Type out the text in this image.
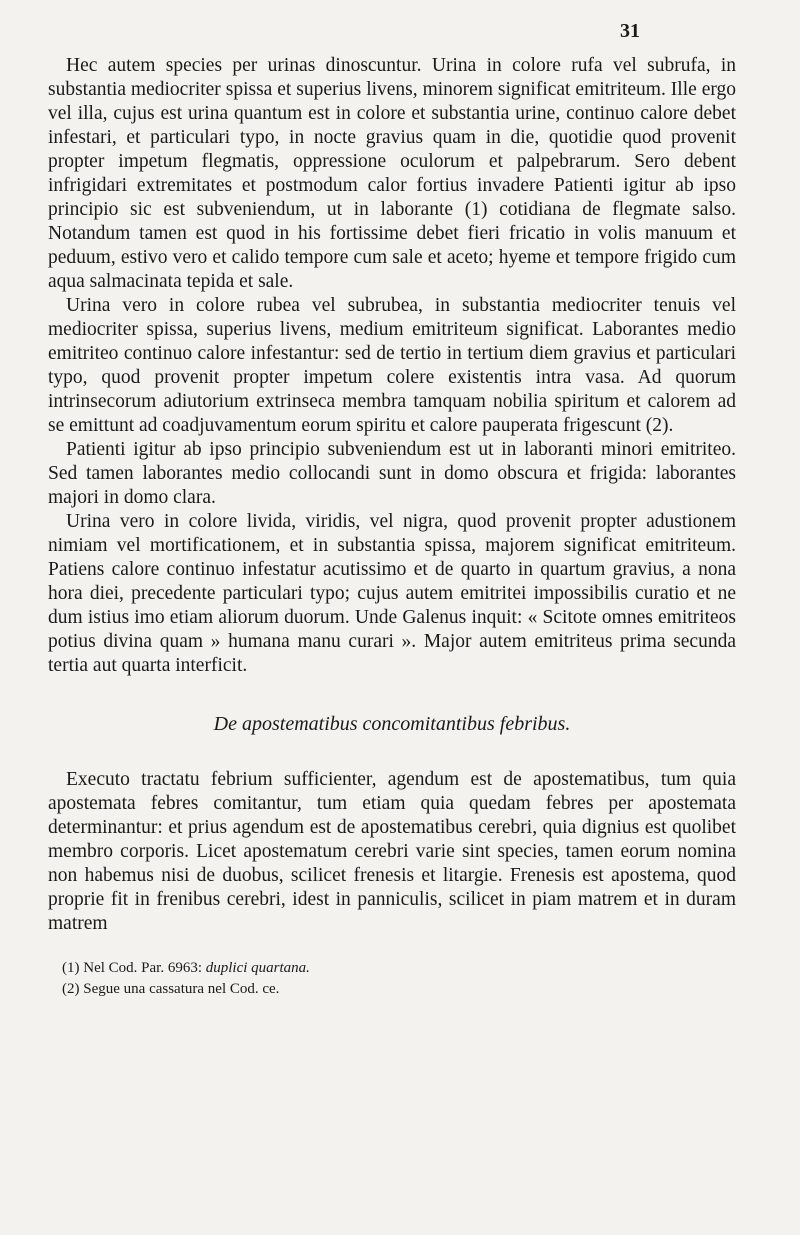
31

Hec autem species per urinas dinoscuntur. Urina in colore rufa vel subrufa, in substantia mediocriter spissa et superius livens, minorem significat emitriteum. Ille ergo vel illa, cujus est urina quantum est in colore et substantia urine, continuo calore debet infestari, et particulari typo, in nocte gravius quam in die, quotidie quod provenit propter impetum flegmatis, oppressione oculorum et palpebrarum. Sero debent infrigidari extremitates et postmodum calor fortius invadere Patienti igitur ab ipso principio sic est subveniendum, ut in laborante (1) cotidiana de flegmate salso. Notandum tamen est quod in his fortissime debet fieri fricatio in volis manuum et peduum, estivo vero et calido tempore cum sale et aceto; hyeme et tempore frigido cum aqua salmacinata tepida et sale.

Urina vero in colore rubea vel subrubea, in substantia mediocriter tenuis vel mediocriter spissa, superius livens, medium emitriteum significat. Laborantes medio emitriteo continuo calore infestantur: sed de tertio in tertium diem gravius et particulari typo, quod provenit propter impetum colere existentis intra vasa. Ad quorum intrinsecorum adiutorium extrinseca membra tamquam nobilia spiritum et calorem ad se emittunt ad coadjuvamentum eorum spiritu et calore pauperata frigescunt (2).

Patienti igitur ab ipso principio subveniendum est ut in laboranti minori emitriteo. Sed tamen laborantes medio collocandi sunt in domo obscura et frigida: laborantes majori in domo clara.

Urina vero in colore livida, viridis, vel nigra, quod provenit propter adustionem nimiam vel mortificationem, et in substantia spissa, majorem significat emitriteum. Patiens calore continuo infestatur acutissimo et de quarto in quartum gravius, a nona hora diei, precedente particulari typo; cujus autem emitritei impossibilis curatio et ne dum istius imo etiam aliorum duorum. Unde Galenus inquit: « Scitote omnes emitriteos potius divina quam » humana manu curari ». Major autem emitriteus prima secunda tertia aut quarta interficit.

De apostematibus concomitantibus febribus.

Executo tractatu febrium sufficienter, agendum est de apostematibus, tum quia apostemata febres comitantur, tum etiam quia quedam febres per apostemata determinantur: et prius agendum est de apostematibus cerebri, quia dignius est quolibet membro corporis. Licet apostematum cerebri varie sint species, tamen eorum nomina non habemus nisi de duobus, scilicet frenesis et litargie. Frenesis est apostema, quod proprie fit in frenibus cerebri, idest in panniculis, scilicet in piam matrem et in duram matrem

(1) Nel Cod. Par. 6963: duplici quartana.
(2) Segue una cassatura nel Cod. ce.
